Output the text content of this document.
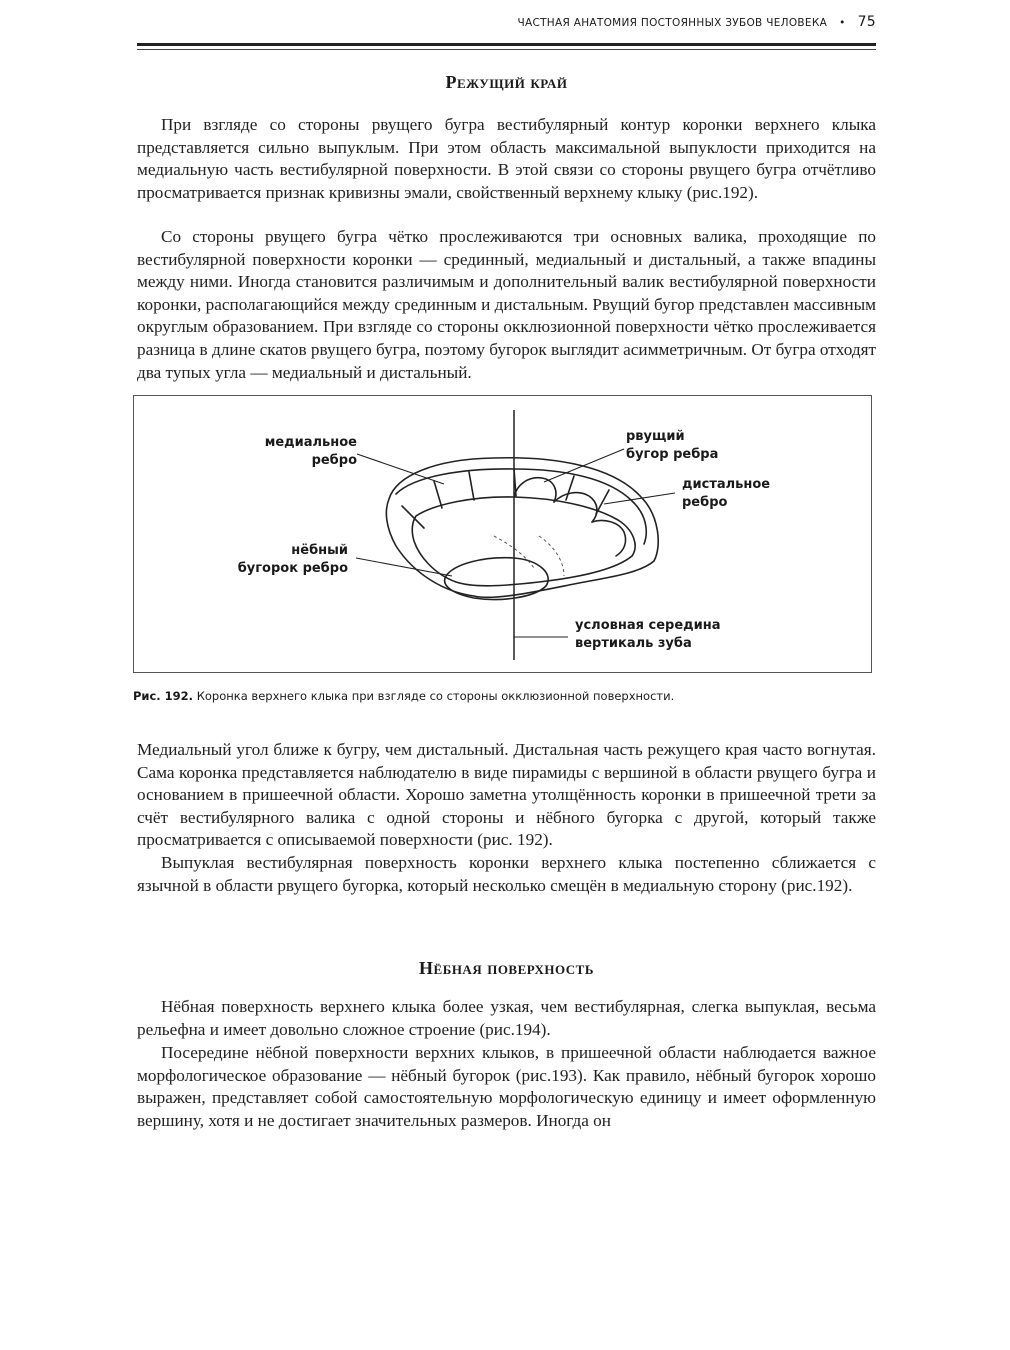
ЧАСТНАЯ АНАТОМИЯ ПОСТОЯННЫХ ЗУБОВ ЧЕЛОВЕКА • 75
Режущий край

При взгляде со стороны рвущего бугра вестибулярный контур коронки верхнего клыка представляется сильно выпуклым. При этом область максимальной выпуклости приходится на медиальную часть вестибулярной поверхности. В этой связи со стороны рвущего бугра отчётливо просматривается признак кривизны эмали, свойственный верхнему клыку (рис.192).

Со стороны рвущего бугра чётко прослеживаются три основных валика, проходящие по вестибулярной поверхности коронки — срединный, медиальный и дистальный, а также впадины между ними. Иногда становится различимым и дополнительный валик вестибулярной поверхности коронки, располагающийся между срединным и дистальным. Рвущий бугор представлен массивным округлым образованием. При взгляде со стороны окклюзионной поверхности чётко прослеживается разница в длине скатов рвущего бугра, поэтому бугорок выглядит асимметричным. От бугра отходят два тупых угла — медиальный и дистальный.

медиальное
ребро
нёбный
бугорок ребро
рвущий
бугор ребра
дистальное
ребро
условная середина
вертикаль зуба
Рис. 192. Коронка верхнего клыка при взгляде со стороны окклюзионной поверхности.

Медиальный угол ближе к бугру, чем дистальный. Дистальная часть режущего края часто вогнутая. Сама коронка представляется наблюдателю в виде пирамиды с вершиной в области рвущего бугра и основанием в пришеечной области. Хорошо заметна утолщённость коронки в пришеечной трети за счёт вестибулярного валика с одной стороны и нёбного бугорка с другой, который также просматривается с описываемой поверхности (рис. 192).

Выпуклая вестибулярная поверхность коронки верхнего клыка постепенно сближается с язычной в области рвущего бугорка, который несколько смещён в медиальную сторону (рис.192).

Нёбная поверхность

Нёбная поверхность верхнего клыка более узкая, чем вестибулярная, слегка выпуклая, весьма рельефна и имеет довольно сложное строение (рис.194).

Посередине нёбной поверхности верхних клыков, в пришеечной области наблюдается важное морфологическое образование — нёбный бугорок (рис.193). Как правило, нёбный бугорок хорошо выражен, представляет собой самостоятельную морфологическую единицу и имеет оформленную вершину, хотя и не достигает значительных размеров. Иногда он
